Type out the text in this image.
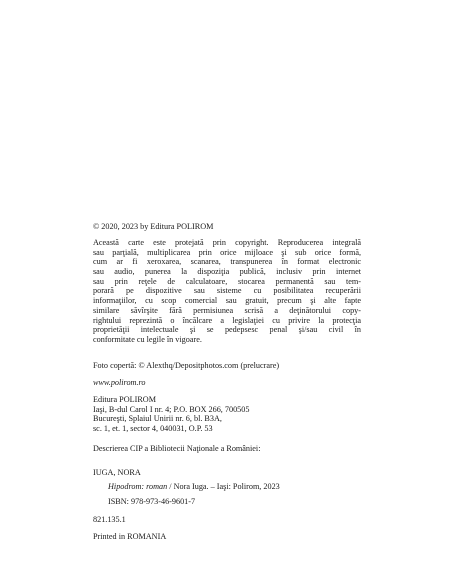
© 2020, 2023 by Editura POLIROM
Această carte este protejată prin copyright. Reproducerea integrală
sau parţială, multiplicarea prin orice mijloace şi sub orice formă,
cum ar fi xeroxarea, scanarea, transpunerea în format electronic
sau audio, punerea la dispoziţia publică, inclusiv prin internet
sau prin reţele de calculatoare, stocarea permanentă sau tem-
porară pe dispozitive sau sisteme cu posibilitatea recuperării
informaţiilor, cu scop comercial sau gratuit, precum şi alte fapte
similare săvîrşite fără permisiunea scrisă a deţinătorului copy-
rightului reprezintă o încălcare a legislaţiei cu privire la protecţia
proprietăţii intelectuale şi se pedepsesc penal şi/sau civil în
conformitate cu legile în vigoare.
Foto copertă: © Alexthq/Depositphotos.com (prelucrare)
www.polirom.ro
Editura POLIROM
Iaşi, B-dul Carol I nr. 4; P.O. BOX 266, 700505
Bucureşti, Splaiul Unirii nr. 6, bl. B3A,
sc. 1, et. 1, sector 4, 040031, O.P. 53
Descrierea CIP a Bibliotecii Naţionale a României:
IUGA, NORA
Hipodrom: roman / Nora Iuga. – Iaşi: Polirom, 2023
ISBN: 978-973-46-9601-7
821.135.1
Printed in ROMANIA
